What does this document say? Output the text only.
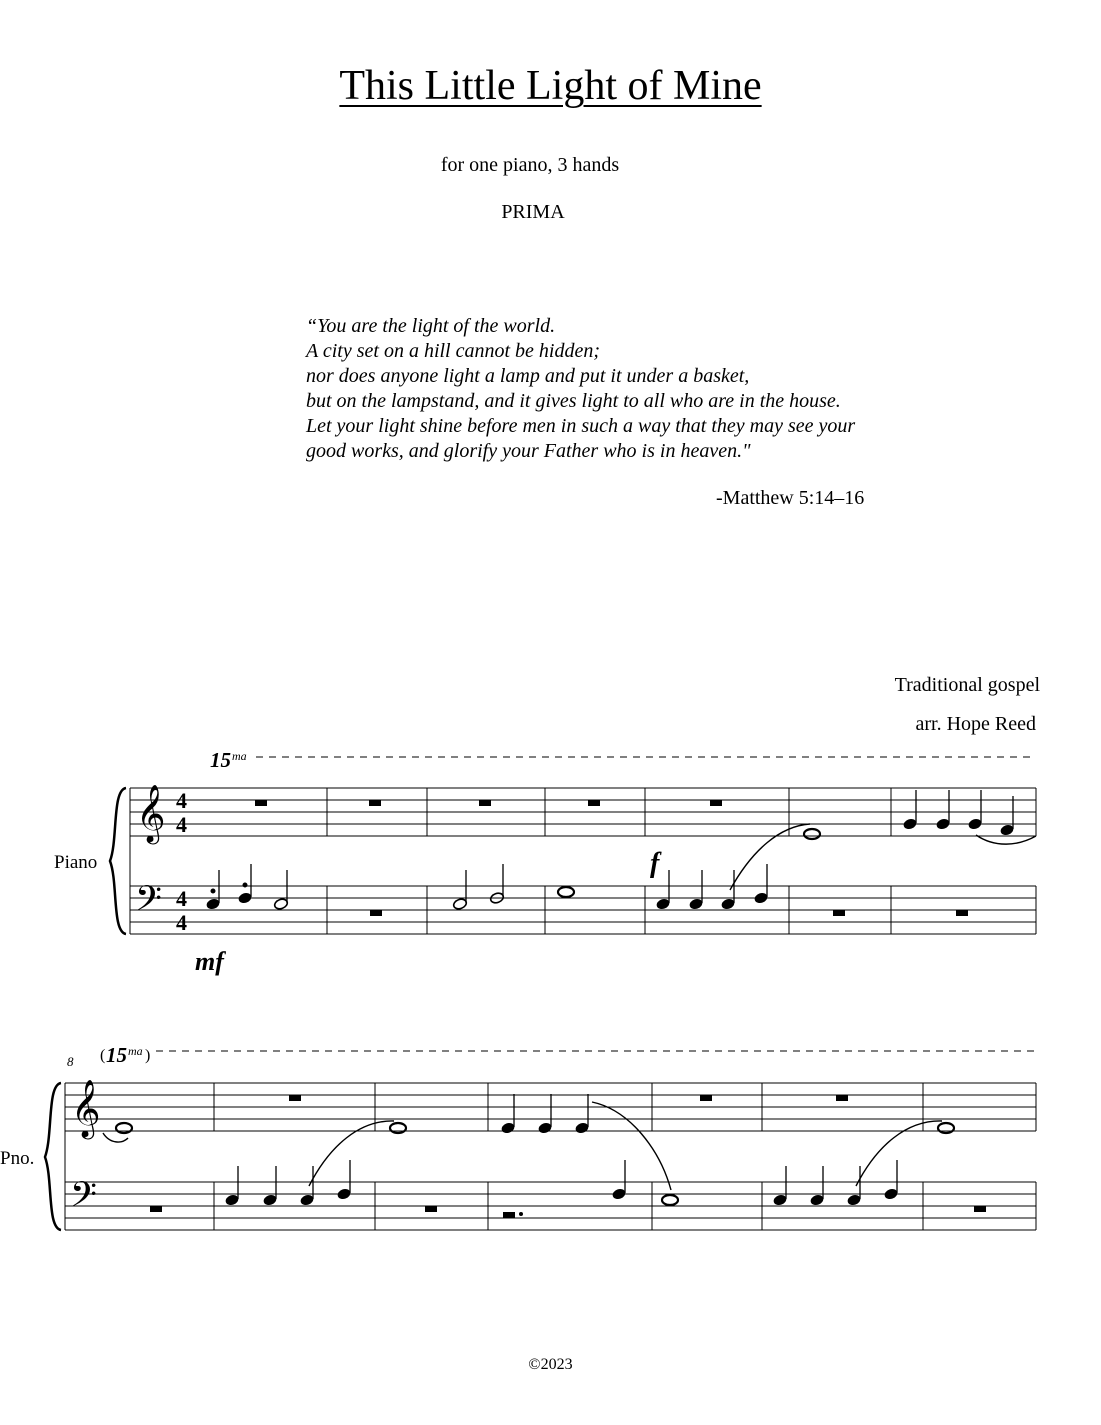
This Little Light of Mine
for one piano, 3 hands
PRIMA
“You are the light of the world.
A city set on a hill cannot be hidden;
nor does anyone light a lamp and put it under a basket,
but on the lampstand, and it gives light to all who are in the house.
Let your light shine before men in such a way that they may see your
good works, and glorify your Father who is in heaven."
-Matthew 5:14–16
Traditional gospel
arr. Hope Reed
𝄞
𝄢
𝄞
𝄢
4
4
4
4
Piano
Pno.
8
15 ma
( 15 ma )
mf
f
©2023
